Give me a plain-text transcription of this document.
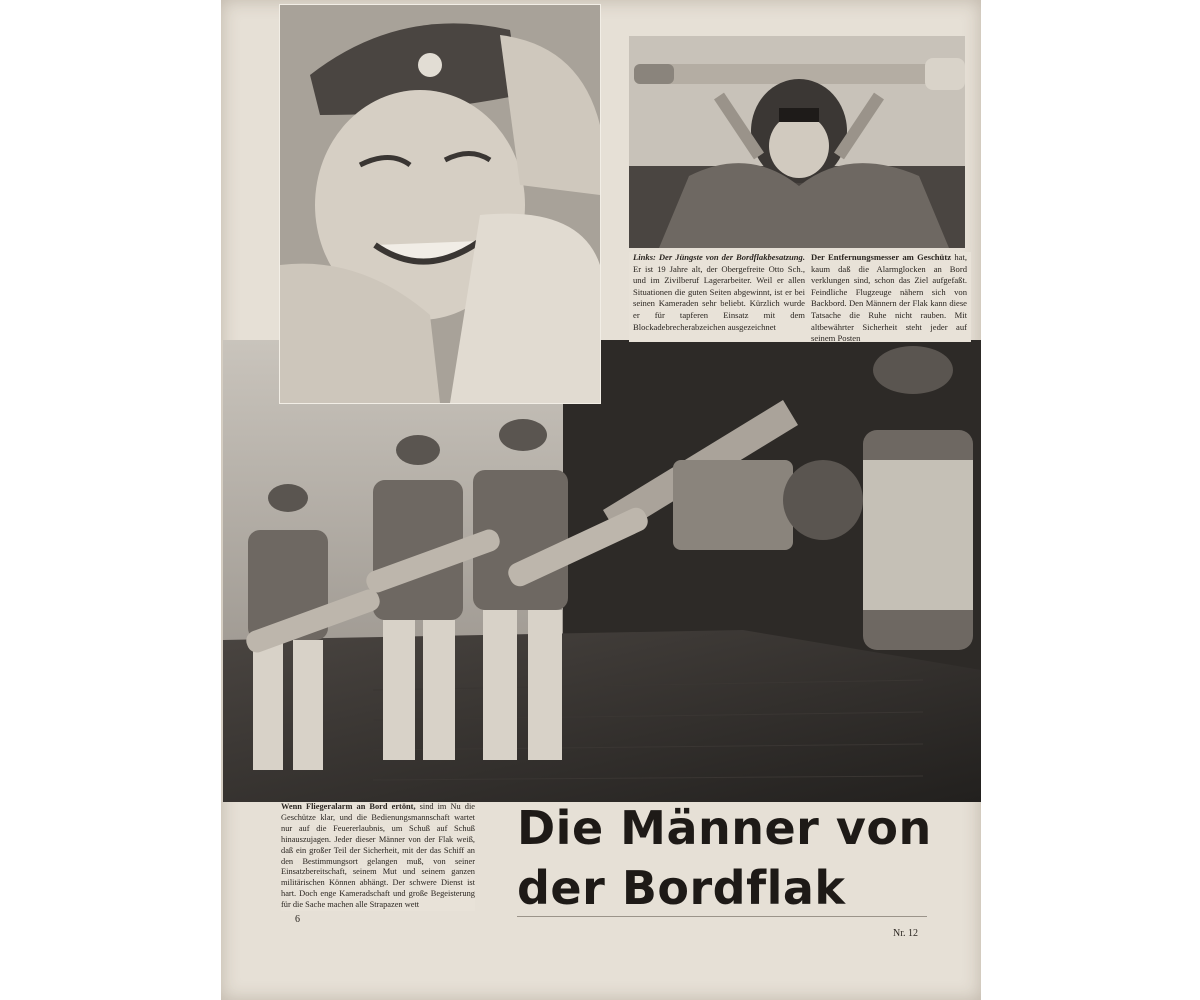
Links: Der Jüngste von der Bordflakbesatzung. Er ist 19 Jahre alt, der Obergefreite Otto Sch., und im Zivilberuf Lagerarbeiter. Weil er allen Situationen die guten Seiten abgewinnt, ist er bei seinen Kameraden sehr beliebt. Kürzlich wurde er für tapferen Einsatz mit dem Blockadebrecherabzeichen ausgezeichnet
Der Entfernungsmesser am Geschütz hat, kaum daß die Alarmglocken an Bord verklungen sind, schon das Ziel aufgefaßt. Feindliche Flugzeuge nähern sich von Backbord. Den Männern der Flak kann diese Tatsache die Ruhe nicht rauben. Mit altbewährter Sicherheit steht jeder auf seinem Posten
Wenn Fliegeralarm an Bord ertönt, sind im Nu die Geschütze klar, und die Bedienungsmannschaft wartet nur auf die Feuererlaubnis, um Schuß auf Schuß hinauszujagen. Jeder dieser Männer von der Flak weiß, daß ein großer Teil der Sicherheit, mit der das Schiff an den Bestimmungsort gelangen muß, von seiner Einsatzbereitschaft, seinem Mut und seinem ganzen militärischen Können abhängt. Der schwere Dienst ist hart. Doch enge Kameradschaft und große Begeisterung für die Sache machen alle Strapazen wett
Die Männer von
der Bordflak
6
Nr. 12
